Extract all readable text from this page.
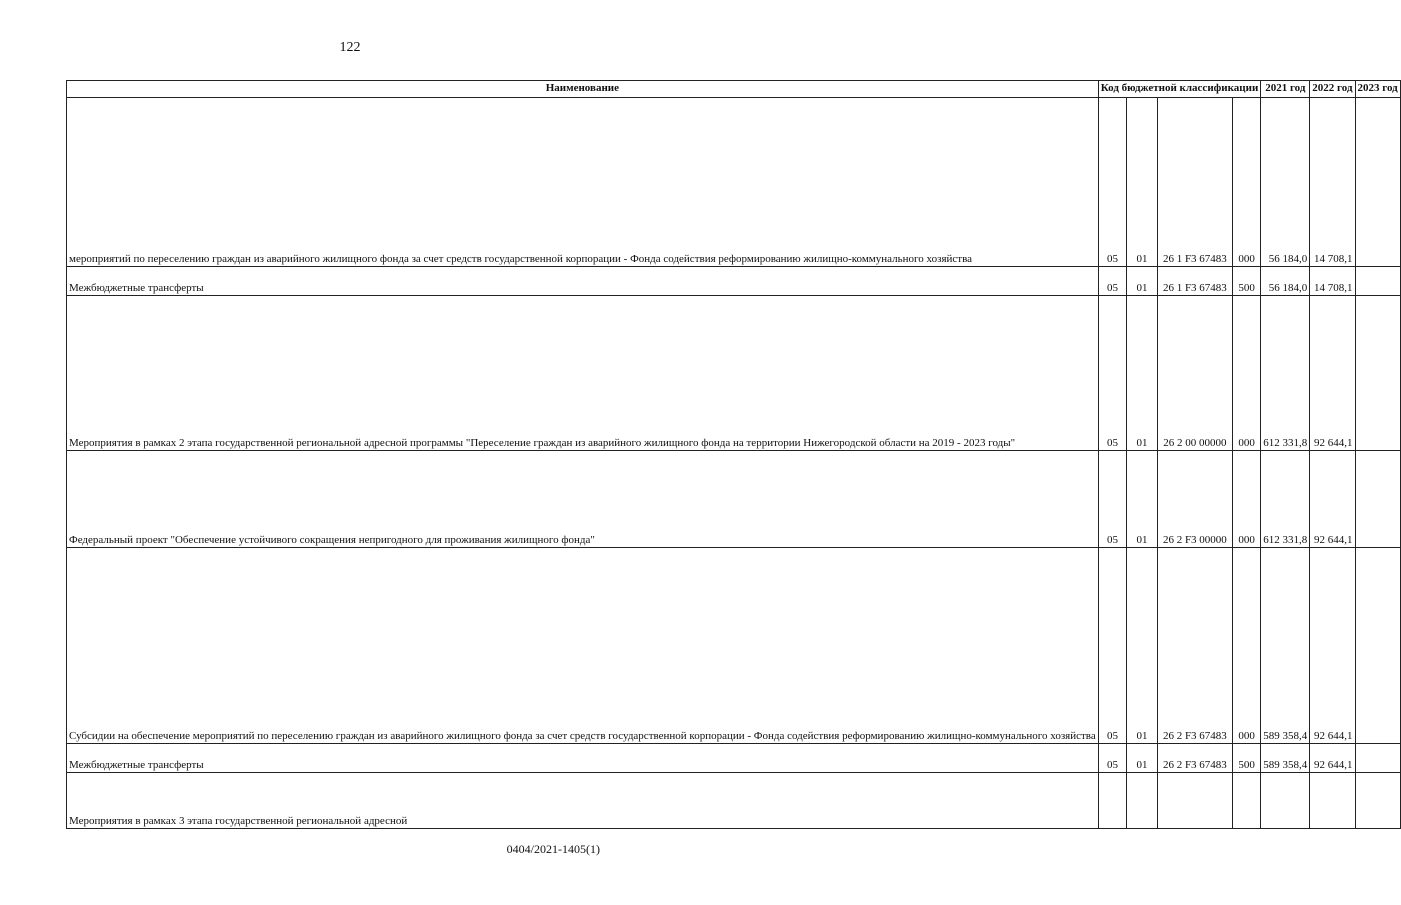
122
Наименование	Код бюджетной классификации				2021 год	2022 год	2023 год
мероприятий по переселению граждан из аварийного жилищного фонда за счет средств государственной корпорации - Фонда содействия реформированию жилищно-коммунального хозяйства	05	01	26 1 F3 67483	000	56 184,0	14 708,1	
Межбюджетные трансферты	05	01	26 1 F3 67483	500	56 184,0	14 708,1	
Мероприятия в рамках 2 этапа государственной региональной адресной программы "Переселение граждан из аварийного жилищного фонда на территории Нижегородской области на 2019 - 2023 годы"	05	01	26 2 00 00000	000	612 331,8	92 644,1	
Федеральный проект "Обеспечение устойчивого сокращения непригодного для проживания жилищного фонда"	05	01	26 2 F3 00000	000	612 331,8	92 644,1	
Субсидии на обеспечение мероприятий по переселению граждан из аварийного жилищного фонда за счет средств государственной корпорации - Фонда содействия реформированию жилищно-коммунального хозяйства	05	01	26 2 F3 67483	000	589 358,4	92 644,1	
Межбюджетные трансферты	05	01	26 2 F3 67483	500	589 358,4	92 644,1	
Мероприятия в рамках 3 этапа государственной региональной адресной							
0404/2021-1405(1)
